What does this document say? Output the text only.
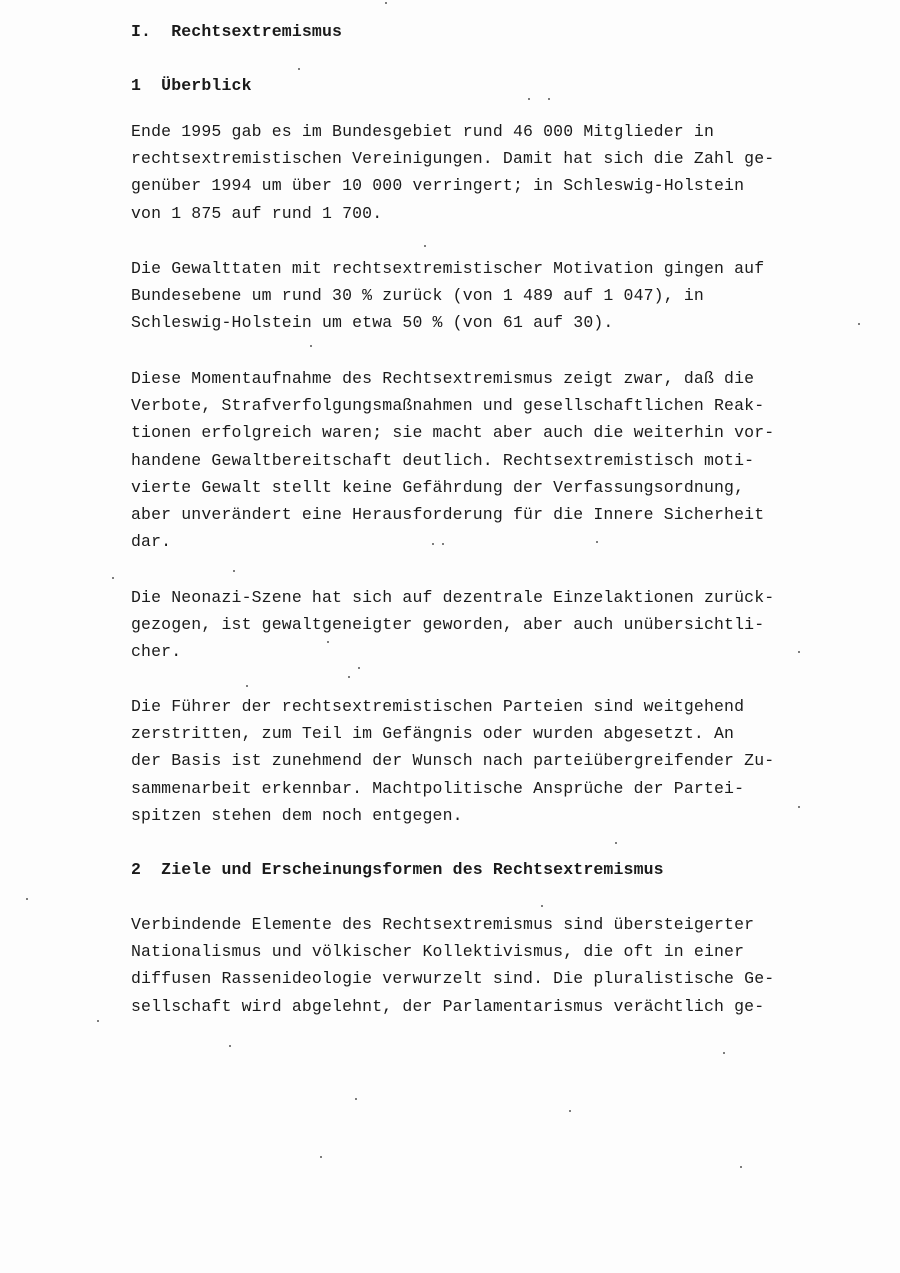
I.  Rechtsextremismus
1  Überblick
Ende 1995 gab es im Bundesgebiet rund 46 000 Mitglieder in
rechtsextremistischen Vereinigungen. Damit hat sich die Zahl ge-
genüber 1994 um über 10 000 verringert; in Schleswig-Holstein
von 1 875 auf rund 1 700.
Die Gewalttaten mit rechtsextremistischer Motivation gingen auf
Bundesebene um rund 30 % zurück (von 1 489 auf 1 047), in
Schleswig-Holstein um etwa 50 % (von 61 auf 30).
Diese Momentaufnahme des Rechtsextremismus zeigt zwar, daß die
Verbote, Strafverfolgungsmaßnahmen und gesellschaftlichen Reak-
tionen erfolgreich waren; sie macht aber auch die weiterhin vor-
handene Gewaltbereitschaft deutlich. Rechtsextremistisch moti-
vierte Gewalt stellt keine Gefährdung der Verfassungsordnung,
aber unverändert eine Herausforderung für die Innere Sicherheit
dar.
Die Neonazi-Szene hat sich auf dezentrale Einzelaktionen zurück-
gezogen, ist gewaltgeneigter geworden, aber auch unübersichtli-
cher.
Die Führer der rechtsextremistischen Parteien sind weitgehend
zerstritten, zum Teil im Gefängnis oder wurden abgesetzt. An
der Basis ist zunehmend der Wunsch nach parteiübergreifender Zu-
sammenarbeit erkennbar. Machtpolitische Ansprüche der Partei-
spitzen stehen dem noch entgegen.
2  Ziele und Erscheinungsformen des Rechtsextremismus
Verbindende Elemente des Rechtsextremismus sind übersteigerter
Nationalismus und völkischer Kollektivismus, die oft in einer
diffusen Rassenideologie verwurzelt sind. Die pluralistische Ge-
sellschaft wird abgelehnt, der Parlamentarismus verächtlich ge-
